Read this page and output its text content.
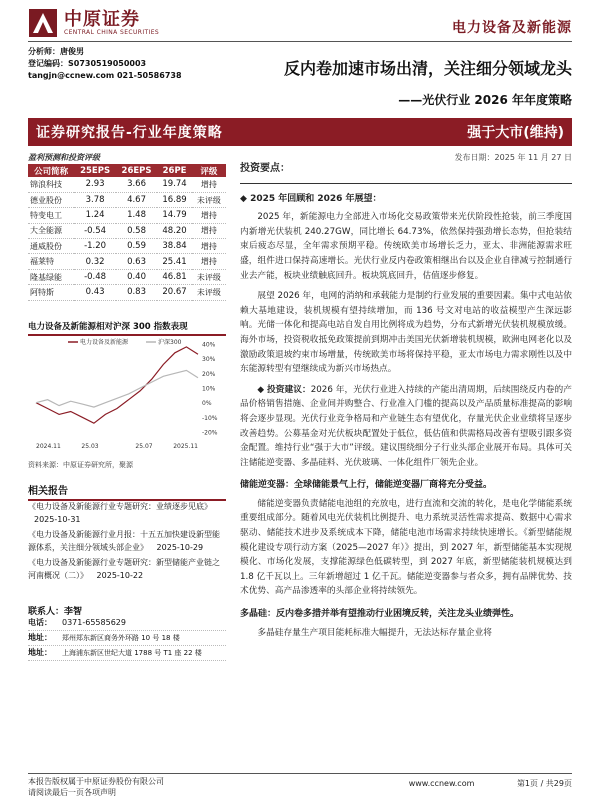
中原证券
CENTRAL CHINA SECURITIES	电力设备及新能源
分析师：唐俊男
登记编码：S0730519050003
tangjn@ccnew.com 021-50586738	反内卷加速市场出清，关注细分领域龙头
——光伏行业 2026 年年度策略
证券研究报告-行业年度策略	强于大市(维持)
盈利预测和投资评级	发布日期：2025 年 11 月 27 日
公司简称	25EPS	26EPS	26PE	评级
锦浪科技	2.93	3.66	19.74	增持
德业股份	3.78	4.67	16.89	未评级
特变电工	1.24	1.48	14.79	增持
大全能源	-0.54	0.58	48.20	增持
通威股份	-1.20	0.59	38.84	增持
福莱特	0.32	0.63	25.41	增持
隆基绿能	-0.48	0.40	46.81	未评级
阿特斯	0.43	0.83	20.67	未评级
电力设备及新能源相对沪深 300 指数表现
40%
30%
20%
10%
0%
-10%
-20%
电力设备及新能源	沪深300
2024.11	25.03	25.07	2025.11
资料来源：中原证券研究所，聚源
相关报告
《电力设备及新能源行业专题研究：业绩逐步见底》 2025-10-31
《电力设备及新能源行业月报：十五五加快建设新型能源体系，关注细分领域头部企业》 2025-10-29
《电力设备及新能源行业专题研究：新型储能产业链之河南概况（二）》 2025-10-22
联系人：李智
电话：	0371-65585629
地址：	郑州郑东新区商务外环路 10 号 18 楼
地址：	上海浦东新区世纪大道 1788 号 T1 座 22 楼
投资要点：
◆ 2025 年回顾和 2026 年展望：

2025 年，新能源电力全部进入市场化交易政策带来光伏阶段性抢装，前三季度国内新增光伏装机 240.27GW，同比增长 64.73%，依然保持强劲增长态势，但抢装结束后疲态尽显，全年需求预期平稳。传统欧美市场增长乏力，亚太、非洲能源需求旺盛，组件进口保持高速增长。光伏行业反内卷政策相继出台以及企业自律减亏控制通行业去产能，板块业绩触底回升。板块筑底回升，估值逐步修复。

展望 2026 年，电网的消纳和承载能力是制约行业发展的重要因素。集中式电站依赖大基地建设，装机规模有望持续增加，而 136 号文对电站的收益模型产生深远影响。光储一体化和提高电站自发自用比例将成为趋势，分布式新增光伏装机规模放缓。海外市场，投资税收抵免政策提前到期冲击美国光伏新增装机规模，欧洲电网老化以及激励政策退坡约束市场增量，传统欧美市场将保持平稳，亚太市场电力需求刚性以及中东能源转型有望继续成为新兴市场热点。

◆ 投资建议：2026 年，光伏行业进入持续的产能出清周期，后续围绕反内卷的产品价格销售措施、企业间并购整合、行业准入门槛的提高以及产品质量标准提高的影响将会逐步显现。光伏行业竞争格局和产业链生态有望优化，存量光伏企业业绩将呈逐步改善趋势。公募基金对光伏板块配置处于低位，低估值和供需格局改善有望吸引跟多资金配置。维持行业“强于大市”评级。建议围绕细分子行业头部企业展开布局。具体可关注储能逆变器、多晶硅料、光伏玻璃、一体化组件厂领先企业。

储能逆变器：全球储能景气上行，储能逆变器厂商将充分受益。

储能逆变器负责储能电池组的充放电，进行直流和交流的转化，是电化学储能系统重要组成部分。随着风电光伏装机比例提升、电力系统灵活性需求提高、数据中心需求驱动、储能技术进步及系统成本下降，储能电池市场需求持续快速增长。《新型储能规模化建设专项行动方案（2025—2027 年）》提出，到 2027 年，新型储能基本实现规模化、市场化发展，支撑能源绿色低碳转型，到 2027 年底，新型储能装机规模达到 1.8 亿千瓦以上。三年新增超过 1 亿千瓦。储能逆变器参与者众多，拥有品牌优势、技术优势、高产品渗透率的头部企业将持续领先。

多晶硅：反内卷多措并举有望推动行业困境反转，关注龙头业绩弹性。

多晶硅存量生产项目能耗标准大幅提升，无法达标存量企业将

本报告版权属于中原证券股份有限公司
请阅读最后一页各项声明
www.ccnew.com	第1页 / 共29页
